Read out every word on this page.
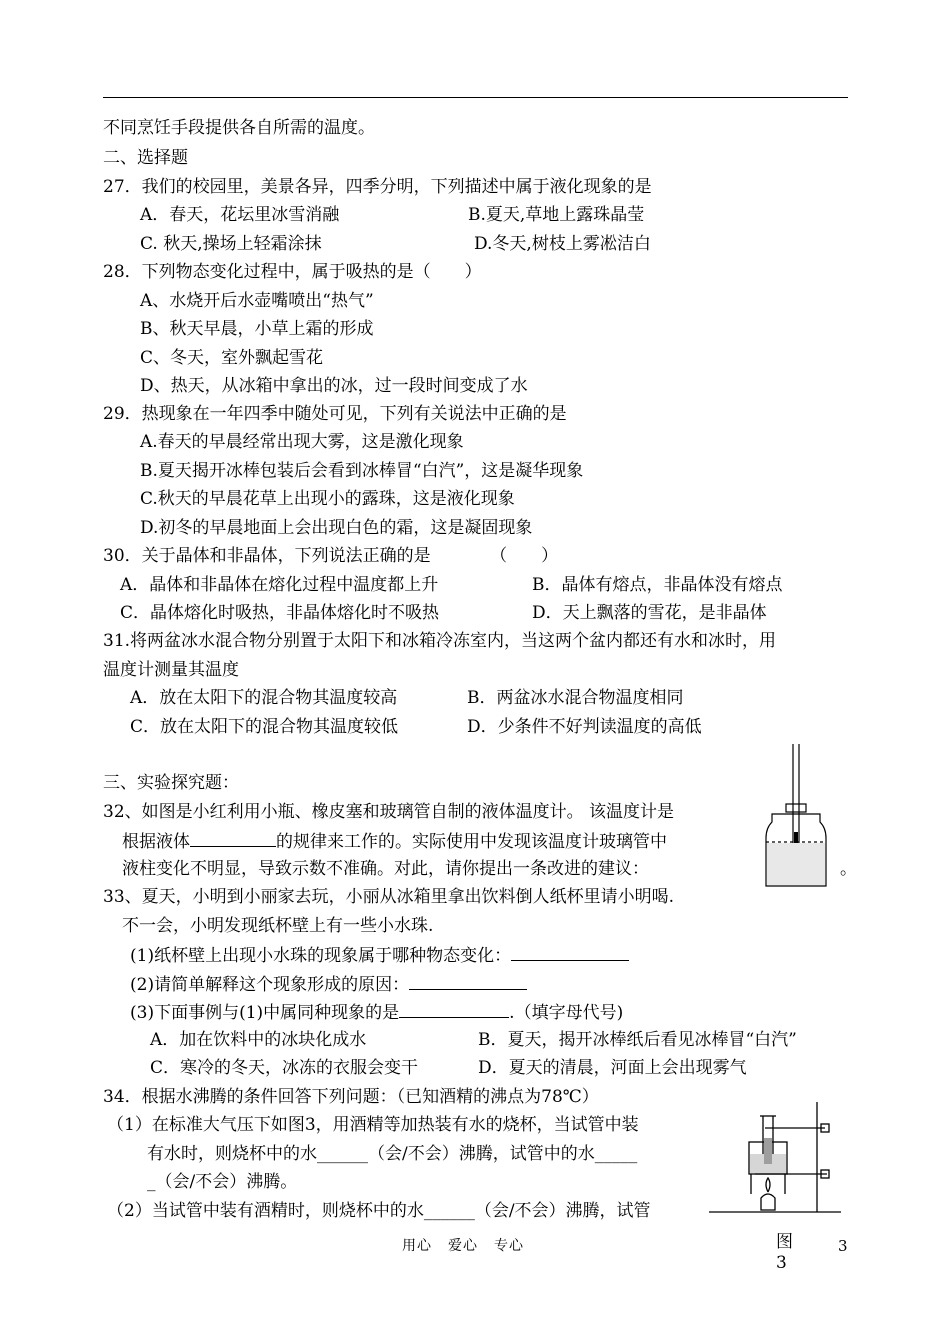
不同烹饪手段提供各自所需的温度。
二、选择题
27．我们的校园里，美景各异，四季分明，下列描述中属于液化现象的是
A．春天，花坛里冰雪消融	B.夏天,草地上露珠晶莹
C. 秋天,操场上轻霜涂抹	D.冬天,树枝上雾凇洁白
28．下列物态变化过程中，属于吸热的是（　　）
A、水烧开后水壶嘴喷出“热气”
B、秋天早晨，小草上霜的形成
C、冬天，室外飘起雪花
D、热天，从冰箱中拿出的冰，过一段时间变成了水
29．热现象在一年四季中随处可见，下列有关说法中正确的是
A.春天的早晨经常出现大雾，这是激化现象
B.夏天揭开冰棒包装后会看到冰棒冒“白汽”，这是凝华现象
C.秋天的早晨花草上出现小的露珠，这是液化现象
D.初冬的早晨地面上会出现白色的霜，这是凝固现象
30．关于晶体和非晶体，下列说法正确的是　　　　（　　）
A．晶体和非晶体在熔化过程中温度都上升	B．晶体有熔点，非晶体没有熔点
C．晶体熔化时吸热，非晶体熔化时不吸热	D．天上飘落的雪花，是非晶体
31.将两盆冰水混合物分别置于太阳下和冰箱冷冻室内，当这两个盆内都还有水和冰时，用
温度计测量其温度
A．放在太阳下的混合物其温度较高	B．两盆冰水混合物温度相同
C．放在太阳下的混合物其温度较低	D．少条件不好判读温度的高低
三、实验探究题：
32、如图是小红利用小瓶、橡皮塞和玻璃管自制的液体温度计。 该温度计是
根据液体	的规律来工作的。实际使用中发现该温度计玻璃管中
液柱变化不明显，导致示数不准确。对此，请你提出一条改进的建议：	。
33、夏天，小明到小丽家去玩，小丽从冰箱里拿出饮料倒人纸杯里请小明喝.
不一会，小明发现纸杯壁上有一些小水珠.
(1)纸杯壁上出现小水珠的现象属于哪种物态变化：
(2)请简单解释这个现象形成的原因：
(3)下面事例与(1)中属同种现象的是	.（填字母代号)
A．加在饮料中的冰块化成水	B．夏天，揭开冰棒纸后看见冰棒冒“白汽”
C．寒冷的冬天，冰冻的衣服会变干	D．夏天的清晨，河面上会出现雾气
34．根据水沸腾的条件回答下列问题：（已知酒精的沸点为78℃）
（1）在标准大气压下如图3，用酒精等加热装有水的烧杯，当试管中装
有水时，则烧杯中的水______（会/不会）沸腾，试管中的水_____
_（会/不会）沸腾。
（2）当试管中装有酒精时，则烧杯中的水______（会/不会）沸腾，试管
图3
用心 爱心 专心	3
